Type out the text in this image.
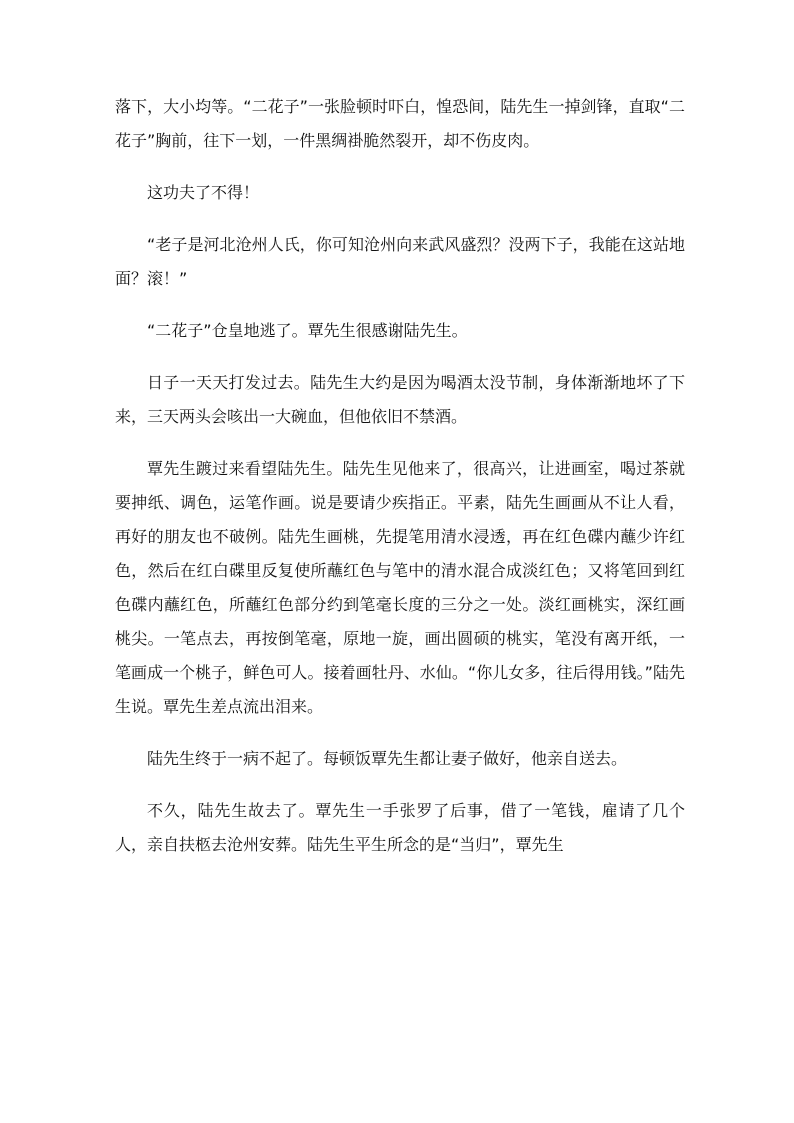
落下，大小均等。“二花子”一张脸顿时吓白，惶恐间，陆先生一掉剑锋，直取“二花子”胸前，往下一划，一件黑绸褂脆然裂开，却不伤皮肉。

这功夫了不得！

“老子是河北沧州人氏，你可知沧州向来武风盛烈？没两下子，我能在这站地面？滚！”

“二花子”仓皇地逃了。覃先生很感谢陆先生。

日子一天天打发过去。陆先生大约是因为喝酒太没节制，身体渐渐地坏了下来，三天两头会咳出一大碗血，但他依旧不禁酒。

覃先生踱过来看望陆先生。陆先生见他来了，很高兴，让进画室，喝过茶就要抻纸、调色，运笔作画。说是要请少疾指正。平素，陆先生画画从不让人看，再好的朋友也不破例。陆先生画桃，先提笔用清水浸透，再在红色碟内蘸少许红色，然后在红白碟里反复使所蘸红色与笔中的清水混合成淡红色；又将笔回到红色碟内蘸红色，所蘸红色部分约到笔毫长度的三分之一处。淡红画桃实，深红画桃尖。一笔点去，再按倒笔毫，原地一旋，画出圆硕的桃实，笔没有离开纸，一笔画成一个桃子，鲜色可人。接着画牡丹、水仙。“你儿女多，往后得用钱。”陆先生说。覃先生差点流出泪来。

陆先生终于一病不起了。每顿饭覃先生都让妻子做好，他亲自送去。

不久，陆先生故去了。覃先生一手张罗了后事，借了一笔钱，雇请了几个人，亲自扶柩去沧州安葬。陆先生平生所念的是“当归”，覃先生
